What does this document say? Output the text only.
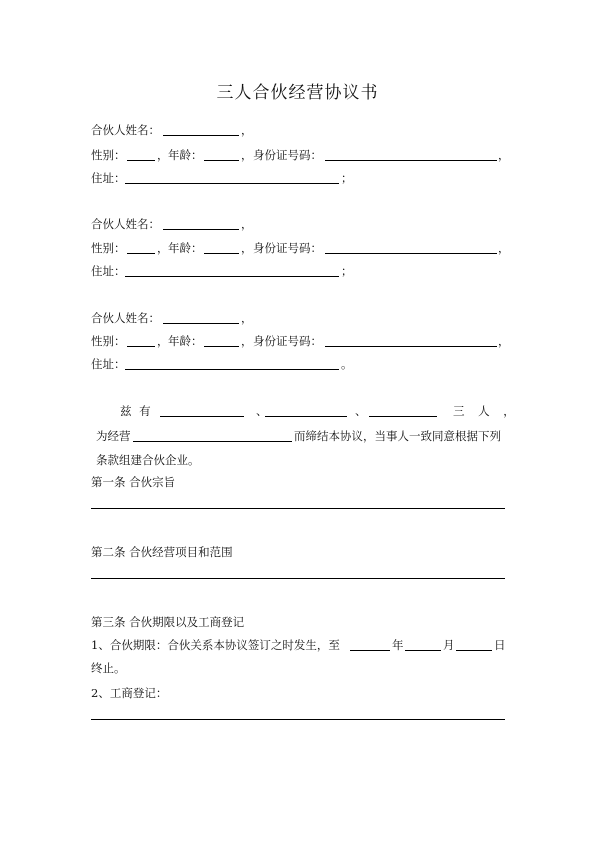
三人合伙经营协议书
合伙人姓名：	，
性别：	， 年龄：	， 身份证号码：	，
住址：	；
合伙人姓名：	，
性别：	， 年龄：	， 身份证号码：	，
住址：	；
合伙人姓名：	，
性别：	， 年龄：	， 身份证号码：	，
住址：	。
兹 有	、	、	三 人 ，
为经营	而缔结本协议，当事人一致同意根据下列
条款组建合伙企业。
第一条 合伙宗旨
第二条 合伙经营项目和范围
第三条 合伙期限以及工商登记
1、合伙期限：合伙关系本协议签订之时发生，至	年	月	日
终止。
2、工商登记：
